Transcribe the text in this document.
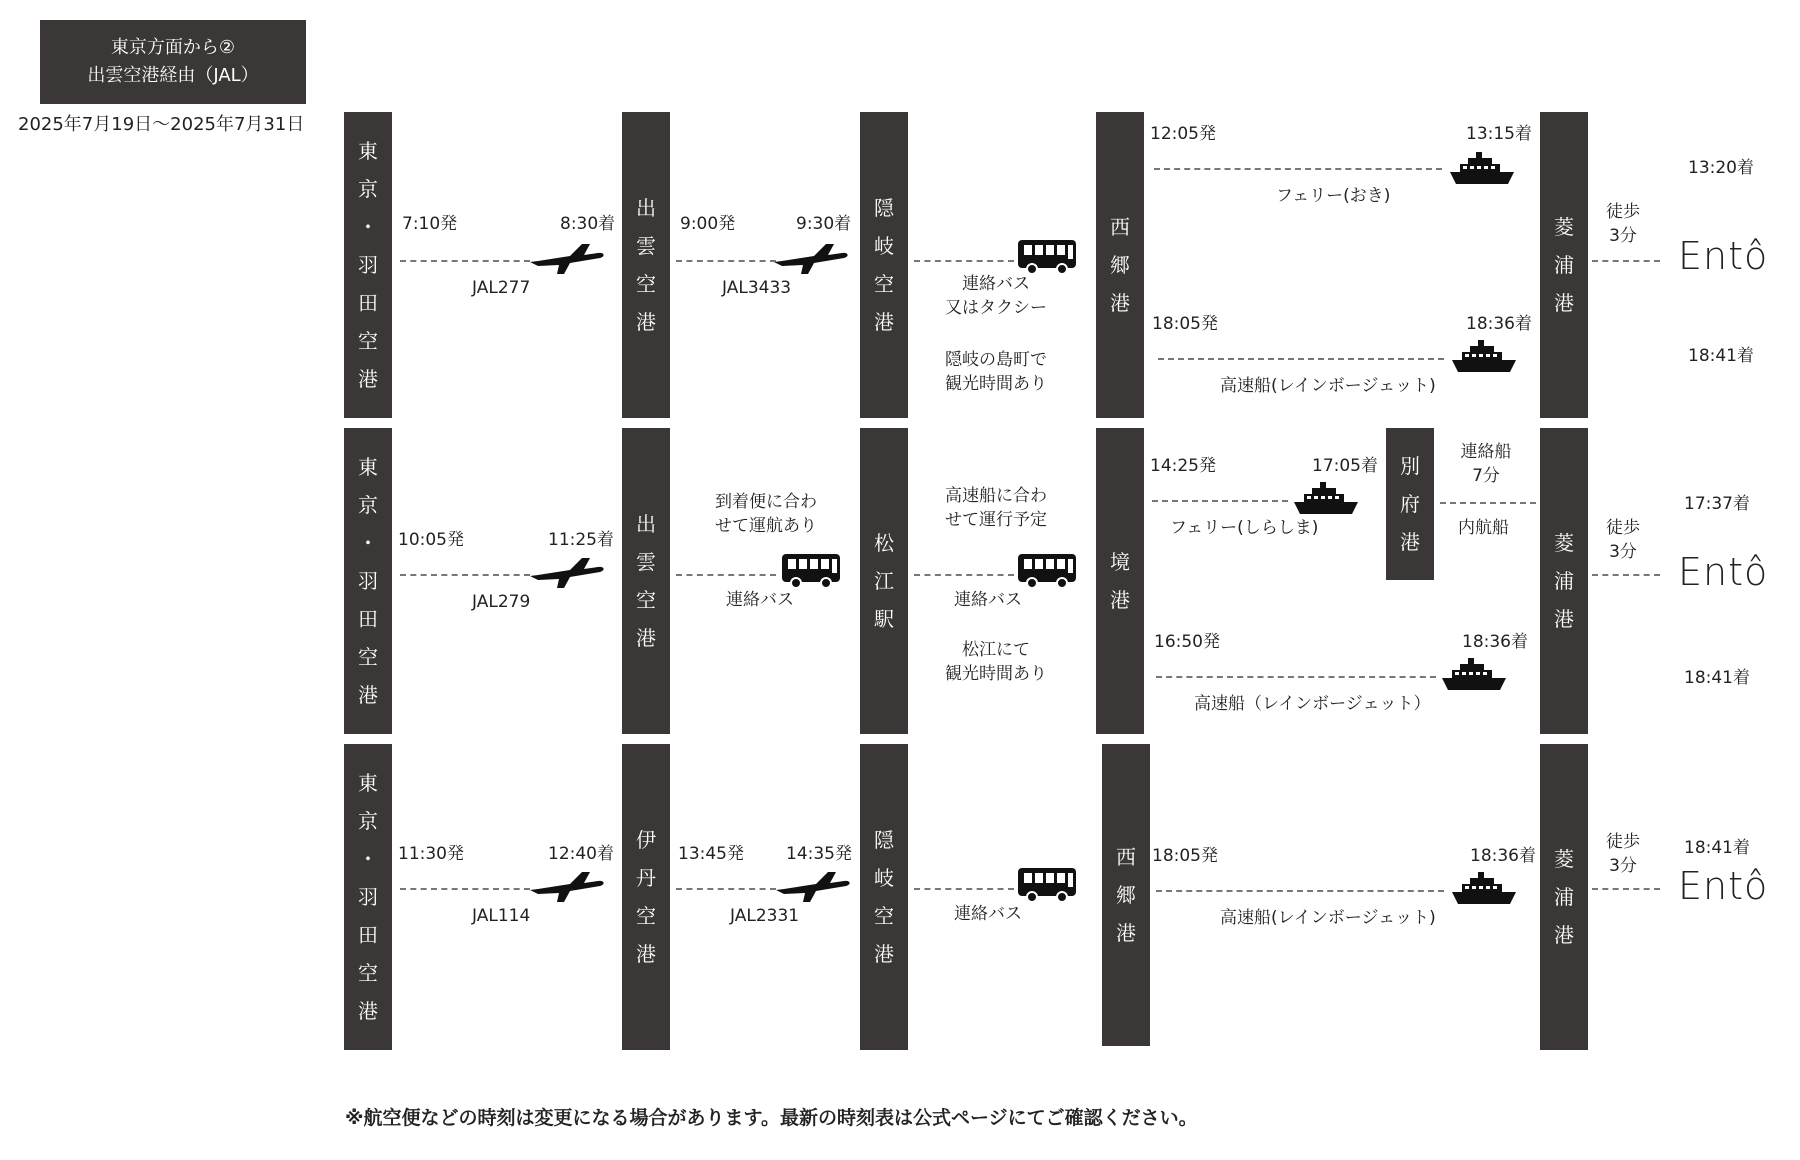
東京方面から②
出雲空港経由（JAL）
2025年7月19日〜2025年7月31日
東
京
・
羽
田
空
港
出
雲
空
港
隠
岐
空
港
西
郷
港
菱
浦
港
7:10発	8:30着
JAL277
9:00発	9:30着
JAL3433	連絡バス
又はタクシー
隠岐の島町で
観光時間あり
12:05発	13:15着
フェリー(おき)
18:05発	18:36着
高速船(レインボージェット)
徒歩
3分
13:20着
Entô
18:41着
東
京
・
羽
田
空
港
出
雲
空
港
松
江
駅
境
港
別
府
港	菱
浦
港
10:05発	11:25着
JAL279
到着便に合わ
せて運航あり
連絡バス
高速船に合わ
せて運行予定
連絡バス
松江にて
観光時間あり
14:25発	17:05着
フェリー(しらしま)
連絡船
7分
内航船
16:50発	18:36着
高速船（レインボージェット）
徒歩
3分
17:37着
Entô
18:41着
東
京
・
羽
田
空
港
伊
丹
空
港
隠
岐
空
港
西
郷
港
菱
浦
港
11:30発	12:40着
JAL114
13:45発 14:35発
JAL2331	連絡バス
18:05発	18:36着
高速船(レインボージェット)
徒歩
3分
18:41着
Entô
※航空便などの時刻は変更になる場合があります。最新の時刻表は公式ページにてご確認ください。
